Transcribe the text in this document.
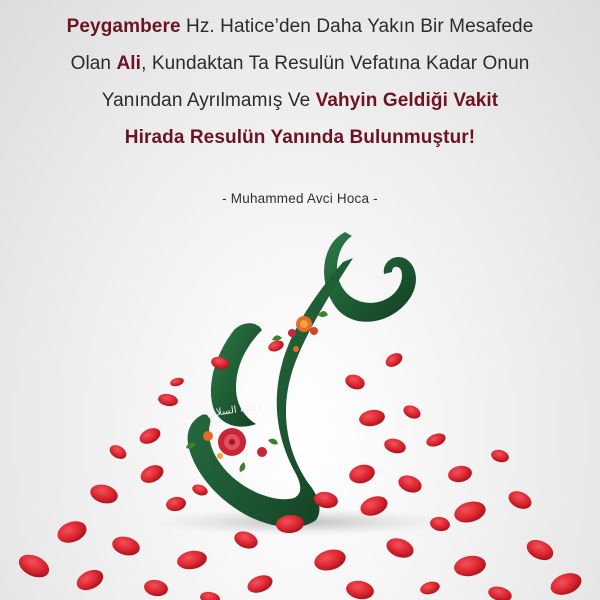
Peygambere Hz. Hatice’den Daha Yakın Bir Mesafede
Olan Ali, Kundaktan Ta Resulün Vefatına Kadar Onun
Yanından Ayrılmamış Ve Vahyin Geldiği Vakit
Hirada Resulün Yanında Bulunmuştur!
- Muhammed Avci Hoca -
(عليه السلام)
